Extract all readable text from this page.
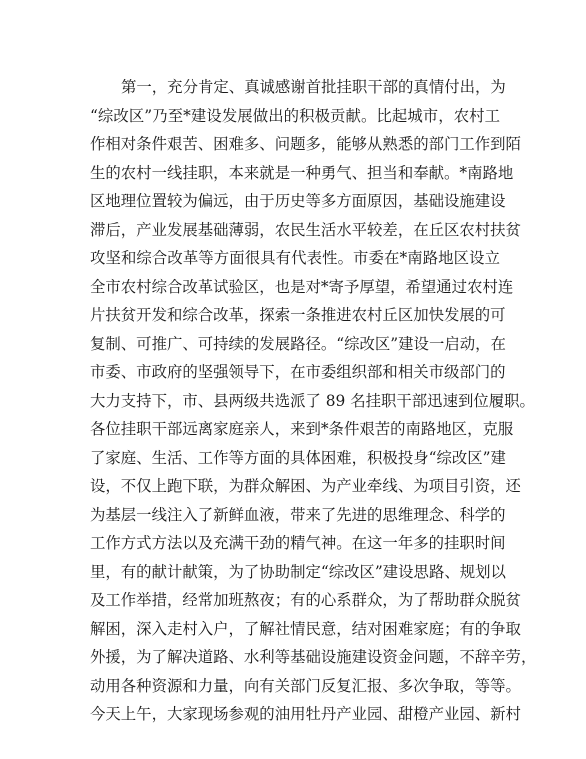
第一，充分肯定、真诚感谢首批挂职干部的真情付出，为
“综改区”乃至*建设发展做出的积极贡献。比起城市，农村工
作相对条件艰苦、困难多、问题多，能够从熟悉的部门工作到陌
生的农村一线挂职，本来就是一种勇气、担当和奉献。*南路地
区地理位置较为偏远，由于历史等多方面原因，基础设施建设
滞后，产业发展基础薄弱，农民生活水平较差，在丘区农村扶贫
攻坚和综合改革等方面很具有代表性。市委在*南路地区设立
全市农村综合改革试验区，也是对*寄予厚望，希望通过农村连
片扶贫开发和综合改革，探索一条推进农村丘区加快发展的可
复制、可推广、可持续的发展路径。“综改区”建设一启动，在
市委、市政府的坚强领导下，在市委组织部和相关市级部门的
大力支持下，市、县两级共选派了 89 名挂职干部迅速到位履职。
各位挂职干部远离家庭亲人，来到*条件艰苦的南路地区，克服
了家庭、生活、工作等方面的具体困难，积极投身“综改区”建
设，不仅上跑下联，为群众解困、为产业牵线、为项目引资，还
为基层一线注入了新鲜血液，带来了先进的思维理念、科学的
工作方式方法以及充满干劲的精气神。在这一年多的挂职时间
里，有的献计献策，为了协助制定“综改区”建设思路、规划以
及工作举措，经常加班熬夜；有的心系群众，为了帮助群众脱贫
解困，深入走村入户，了解社情民意，结对困难家庭；有的争取
外援，为了解决道路、水利等基础设施建设资金问题，不辞辛劳，
动用各种资源和力量，向有关部门反复汇报、多次争取，等等。
今天上午，大家现场参观的油用牡丹产业园、甜橙产业园、新村
